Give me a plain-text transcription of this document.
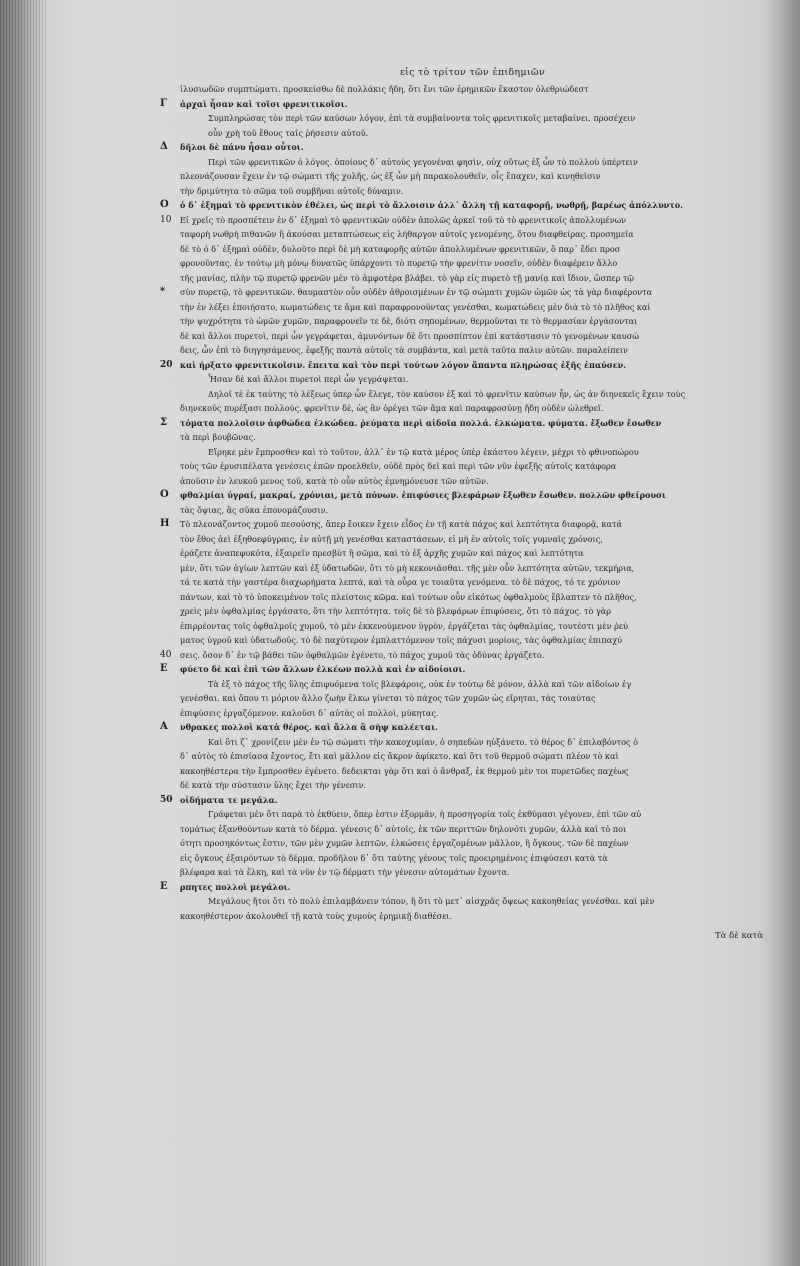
εἰς τὸ τρίτον τῶν ἐπιδημιῶν
ἰλυσιωδῶν συμπτώματι. προσκείσθω δὲ πολλάκις ἤδη, ὅτι ἔνι τῶν ἐρημικῶν ἕκαστον ὀλεθριώδεστ
Γ ἀρχαὶ ἦσαν καὶ τοῖσι φρενιτικοῖσι.
Συμπληρώσας τὸν περὶ τῶν καύσων λόγον, ἐπὶ τὰ συμβαίνοντα τοῖς φρενιτικοῖς μεταβαίνει. προσέχειν
οὖν χρὴ τοῦ ἔθους ταῖς ῥήσεσιν αὐτοῦ.
Δ δῆλοι δὲ πάνυ ἦσαν οὗτοι.
Περὶ τῶν φρενιτικῶν ὁ λόγος. ὁποίους δ᾽ αὐτοὺς γεγονέναι φησὶν, οὐχ οὕτως ἐξ ὧν τὸ πολλοὺ ὑπέρτειν
πλεονάζουσαν ἔχειν ἐν τῷ σώματι τῆς χολῆς, ὡς ἐξ ὧν μὴ παρακολουθεῖν, οἷς ἔπαχεν, καὶ κινηθεῖσιν
τὴν δριμύτητα τὸ σῶμα τοῦ συμβῆναι αὐτοῖς δύναμιν.
Ο ὁ δ᾽ ἐξημαὶ τὸ φρενιτικὸν ἐθέλει, ὡς περὶ τὸ ἄλλοισιν ἀλλ᾽ ἄλλη τῇ καταφορῇ, νωθρῇ, βαρέως ἀπόλλυντο.
10 Εἰ χρεῖς τὸ προσπέτειν ἐν δ᾽ ἐξημαὶ τὸ φρενιτικῶν οὐδὲν ἀπολῶς ἀρκεῖ τοῦ τὸ τὸ φρενιτικοῖς ἀπολλυμένων
ταφορὴ νωθρὴ πιθανῶν ἢ ἀκούσαι μεταπτώσεως εἰς λήθαργον αὐτοῖς γενομένης, ὅτου διαφθείρας. προσημεῖα
δὲ τὸ ὁ δ᾽ ἐξημαὶ οὐδὲν, δυλοῦτο περὶ δὲ μὴ καταφορῆς αὐτῶν ἀπολλυμένων φρενιτικῶν, ὃ παρ᾽ ἔδει προσ
φρονοῦντας. ἐν τούτῳ μὴ μόνῳ δυνατῶς ὑπάρχοντι τὸ πυρετῷ τὴν φρενίτιν νοσεῖν, οὐδὲν διαφέρειν ἄλλο
τῆς μανίας, πλὴν τῷ πυρετῷ φρενῶν μὲν τὸ ἀμφοτέρα βλάβει. τὸ γὰρ εἰς πυρετὸ τῇ μανίᾳ καὶ ἴδιον, ὥσπερ τῷ
* σὺν πυρετῷ, τὸ φρενιτικῶν. θαυμαστὸν οὖν οὐδὲν ἀθροισμένων ἐν τῷ σώματι χυμῶν ὠμῶν ὡς τὰ γὰρ διαφέροντα
τὴν ἐν λέξει ἐποιήσατο, κωματώδεις τε ἅμα καὶ παραφρονοῦντας γενέσθαι, κωματώδεις μὲν διὰ τὸ τὸ πλῆθος καὶ
τὴν ψυχρότητα τὸ ὠμῶν χυμῶν, παραφρονεῖν τε δὲ, διότι σηπομένων, θερμοῦνται τε τὸ θερμασίαν ἐργάσονται
δὲ καὶ ἄλλοι πυρετοὶ, περὶ ὧν γεγράφεται, ἀμυνόντων δὲ ὅτι προσπίπτον ἐπὶ κατάστασιν τὸ γενομένων καυσώ
δεις, ὧν ἐπὶ τὸ διηγησάμενος, ἐφεξῆς παντὰ αὐτοῖς τὰ συμβάντα, καὶ μετὰ ταῦτα παλιν αὐτῶν. παραλείπειν
20 καὶ ἠρξατο φρενιτικοῖσιν. ἔπειτα καὶ τὸν περὶ τούτων λόγον ἅπαντα πληρώσας ἐξῆς ἐπαύσεν.
Ἦσαν δὲ καὶ ἄλλοι πυρετοὶ περὶ ὧν γεγράψεται.
Δηλοῖ τὲ ἐκ ταύτης τὸ λέξεως ὑπερ ὧν ἔλεγε, τὸν καύσον ἐξ καὶ τὸ φρενῖτιν καύσων ἦν, ὡς ἀν διηνεκεῖς ἔχειν τοὺς
διηνεκοῦς πυρέξασι πολλούς. φρενῖτιν δὲ, ὡς ἂν ὀρέγει τῶν ἅμα καὶ παραφροσύνῃ ἤδη οὐδὲν ὠλεθρεῖ.
Σ τόματα πολλοῖσιν ἀφθώδεα ἑλκώδεα. ῥεύματα περὶ αἰδοῖα πολλά. ἑλκώματα. φύματα. ἔξωθεν ἔσωθεν
τὰ περὶ βουβῶνας.
Εἴρηκε μὲν ἔμπροσθεν καὶ τὸ τοῦτον, ἀλλ᾽ ἐν τῷ κατὰ μέρος ὑπὲρ ἑκάστου λέγειν, μέχρι τὸ φθινοπώρου
τοὺς τῶν ἐρυσιπέλατα γενέσεις ἐπῶν προελθεῖν, οὐδὲ πρὸς δεῖ καὶ περὶ τῶν νῦν ἐφεξῆς αὐτοῖς κατάφορα
ἀποῦσιν ἐν λευκοῦ μενος τοῦ, κατὰ τὸ οὖν αὐτὸς ἐμνημόνευσε τῶν αὐτῶν.
Ο φθαλμίαι ὑγραί, μακραί, χρόνιαι, μετὰ πόνων. ἐπιφύσιες βλεφάρων ἔξωθεν ἔσωθεν. πολλῶν φθείρουσι
τὰς ὄψιας, ἃς σῦκα ἐπονομάζουσιν.
Η Τὸ πλεονάζοντος χυμοῦ πεσούσης, ἅπερ ἔοικεν ἔχειν εἶδος ἐν τῇ κατὰ πάχος καὶ λεπτότητα διαφορᾷ, κατά
τὸν ἔθος ἀεὶ ἐξηθοεφύγραις, ἐν αὐτῇ μὴ γενέσθαι καταστάσεων, εἰ μὴ ἐν αὐτοῖς τοῖς γυμναῖς χρόνοις,
ἐράζετε ἀναπεφυκότα, ἐξαιρεῖν πρεσβύτ ἢ σῶμα, καὶ τὸ ἐξ ἀρχῆς χυμῶν καὶ πάχος καὶ λεπτότητα
μὲν, ὅτι τῶν ἀγίων λεπτῶν καὶ ἐξ ὑδατωδῶν, ὅτι τὸ μὴ κεκονιᾶσθαι. τῆς μὲν οὖν λεπτότητα αὐτῶν, τεκμήρια,
τά τε κατὰ τὴν γαστέρα διαχωρήματα λεπτά, καὶ τὰ οὖρα γε τοιαῦτα γενόμενα. τὸ δὲ πάχος, τό τε χρόνιον
πάντων, καὶ τὸ τὸ ὑποκειμένον τοῖς πλείστοις κῶμα. καὶ τούτων οὖν εἰκότως ὀφθαλμοὺς ἔβλαπτεν τὸ πλῆθος,
χρεὶς μὲν ὀφθαλμίας ἐργάσατο, ὅτι τὴν λεπτότητα. τοῖς δὲ τὸ βλεφάρων ἐπιφύσεις, ὅτι τὸ πάχος. τὸ γὰρ
ἐπιρρέοντας τοῖς ὀφθαλμοῖς χυμοῦ, τὸ μὲν ἐκκενούμενον ὑγρὸν, ἐργάζεται τὰς ὀφθαλμίας, τουτέστι μὲν ῥεύ
ματος ὑγροῦ καὶ ὑδατωδοῦς. τὸ δὲ παχύτερον ἐμπλαττόμενον τοῖς πάχυσι μορίοις, τὰς ὀφθαλμίας ἐπιπαχύ
40 σεις. ὅσον δ᾽ ἐν τῷ βάθει τῶν ὀφθαλμῶν ἐγένετο, τὸ πάχος χυμοῦ τὰς ὀδύνας ἐργάζετο.
Ε φύετο δὲ καὶ ἐπὶ τῶν ἄλλων ἑλκέων πολλὰ καὶ ἐν αἰδοίοισι.
Τὰ ἐξ τὸ πάχος τῆς ὕλης ἐπιφυόμενα τοῖς βλεφάροις, οὐκ ἐν τούτῳ δὲ μόνον, ἀλλὰ καὶ τῶν αἰδοίων ἐγ
γενέσθαι. καὶ ὅπου τι μόριον ἄλλο ζωὴν ἕλκω γίνεται τὸ πάχος τῶν χυμῶν ὡς εἴρηται, τὰς τοιαύτας
ἐπιφύσεις ἐργαζόμενον. καλοῦσι δ᾽ αὐτὰς οἱ πολλοὶ, μύκητας.
Α νθρακες πολλοὶ κατὰ θέρος. καὶ ἄλλα ἃ σὴψ καλέεται.
Καὶ ὅτι ζ᾽ χρονίζειν μὲν ἐν τῷ σώματι τὴν κακοχυμίαν, ὁ σηπεδὼν ηὐξάνετο. τὸ θέρος δ᾽ ἐπιλαβόντος ὁ
δ᾽ αὐτὸς τὸ ἐπισίασα ἔχοντος, ἔτι καὶ μᾶλλον εἰς ἄκρον ἀφίκετο. καὶ ὅτι τοῦ θερμοῦ σώματι πλέον τὸ καὶ
κακοηθέστερα τὴν ἔμπροσθεν ἐγένετο. δεδεικται γὰρ ὅτι καὶ ὁ ἄνθραξ, ἐκ θερμοῦ μὲν τοι πυρετῶδες παχέως
δὲ κατὰ τὴν σύστασιν ὕλης ἔχει τὴν γένεσιν.
50 οἰδήματα τε μεγάλα.
Γράφεται μὲν ὅτι παρὰ τὸ ἐκθύειν, ὅπερ ἐστιν ἐξορμᾶν, ἡ προσηγορία τοῖς ἐκθύμασι γέγονεν, ἐπὶ τῶν αὐ
τομάτως ἐξανθούντων κατὰ τὸ δέρμα. γένεσις δ᾽ αὐτοῖς, ἐκ τῶν περιττῶν δηλονότι χυμῶν, ἀλλὰ καὶ τὸ ποι
ότητι προσηκόντως ἔστιν, τῶν μὲν χυμῶν λεπτῶν, ἑλκώσεις ἐργαζομένων μᾶλλον, ἢ ὄγκους. τῶν δὲ παχέων
εἰς ὄγκους ἐξαιρόντων τὸ δέρμα. προδῆλον δ᾽ ὅτι ταύτης γένους τοῖς προειρημένοις ἐπιφύσεσι κατὰ τὰ
βλέφαρα καὶ τὰ ἕλκη, καὶ τὰ νῦν ἐν τῷ δέρματι τὴν γένεσιν αὐτομάτων ἔχοντα.
Ε ρπητες πολλοὶ μεγάλοι.
Μεγάλους ἤτοι ὅτι τὸ πολὺ ἐπιλαμβάνειν τόπον, ἢ ὅτι τὸ μετ᾽ αἰσχρᾶς ὄψεως κακοηθείας γενέσθαι. καὶ μὲν
κακοηθέστερον ἀκολουθεῖ τῇ κατὰ τοὺς χυμοὺς ἐρημικῇ διαθέσει.
Τὰ δὲ κατὰ
